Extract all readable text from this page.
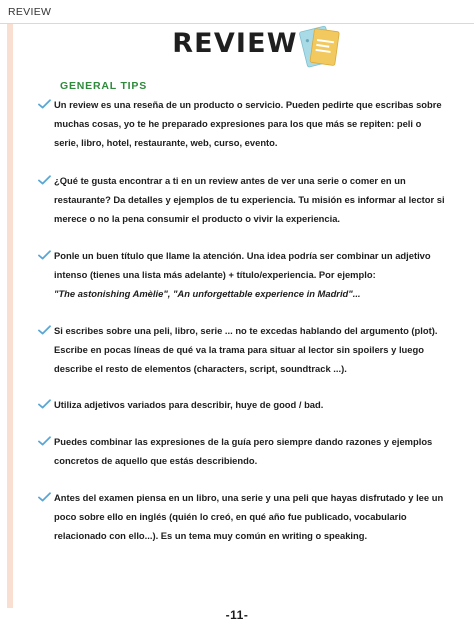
REVIEW
REVIEW
GENERAL TIPS
Un review es una reseña de un producto o servicio. Pueden pedirte que escribas sobre muchas cosas, yo te he preparado expresiones para los que más se repiten: peli o serie, libro, hotel, restaurante, web, curso, evento.
¿Qué te gusta encontrar a ti en un review antes de ver una serie o comer en un restaurante? Da detalles y ejemplos de tu experiencia. Tu misión es informar al lector si merece o no la pena consumir el producto o vivir la experiencia.
Ponle un buen título que llame la atención. Una idea podría ser combinar un adjetivo intenso (tienes una lista más adelante) + título/experiencia. Por ejemplo:
"The astonishing Amèlie", "An unforgettable experience in Madrid"...
Si escribes sobre una peli, libro, serie ... no te excedas hablando del argumento (plot). Escribe en pocas líneas de qué va la trama para situar al lector sin spoilers y luego describe el resto de elementos (characters, script, soundtrack ...).
Utiliza adjetivos variados para describir, huye de good / bad.
Puedes combinar las expresiones de la guía pero siempre dando razones y ejemplos concretos de aquello que estás describiendo.
Antes del examen piensa en un libro, una serie y una peli que hayas disfrutado y lee un poco sobre ello en inglés (quién lo creó, en qué año fue publicado, vocabulario relacionado con ello...). Es un tema muy común en writing o speaking.
-11-
